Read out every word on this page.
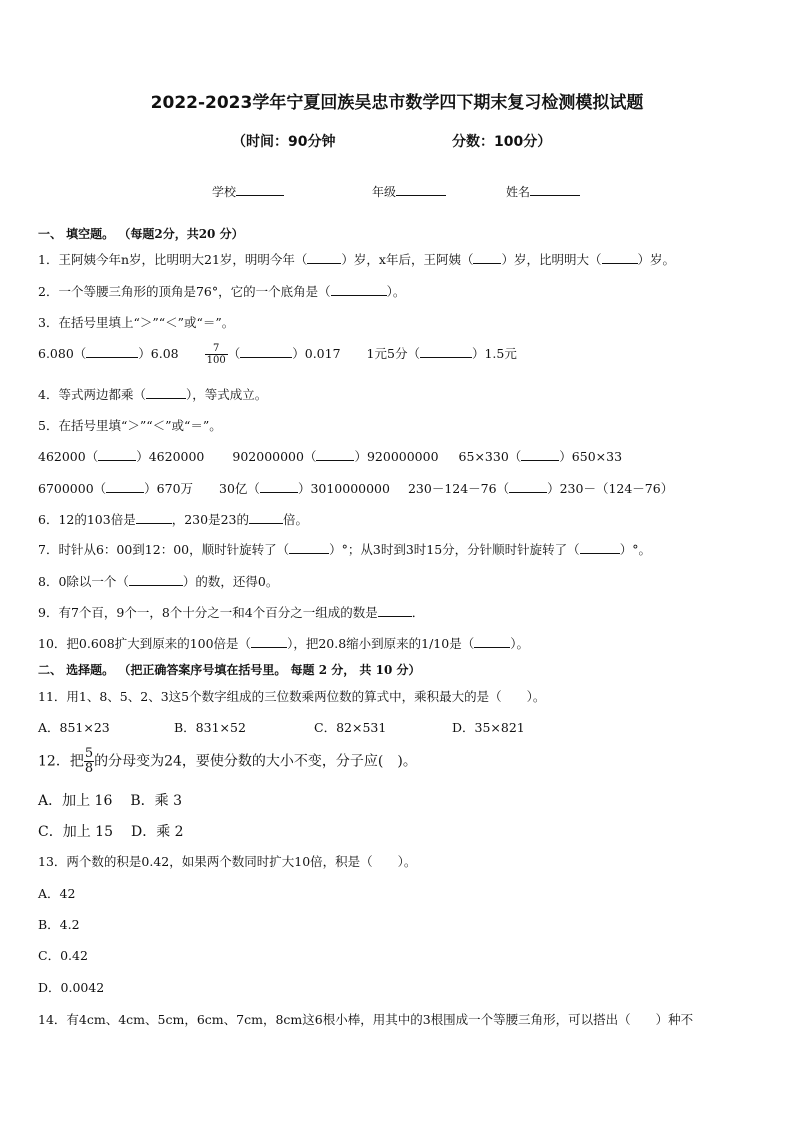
2022-2023学年宁夏回族吴忠市数学四下期末复习检测模拟试题
（时间：90分钟	分数：100分）
学校	年级	姓名
一、 填空题。 （每题2分，共20 分）
1．王阿姨今年n岁，比明明大21岁，明明今年（	）岁，x年后，王阿姨（ ）岁，比明明大（	）岁。
2．一个等腰三角形的顶角是76°，它的一个底角是（	）。
3．在括号里填上“＞”“＜”或“＝”。
6.080（	）6.08	$\frac{7}{100}$ （	）0.017 1元5分（	）1.5元
4．等式两边都乘（	），等式成立。
5．在括号里填“＞”“＜”或“＝”。
462000（	）4620000 902000000（	）920000000 65×330（	）650×33
6700000（	）670万 30亿（	）3010000000 230－124－76（	）230－（124－76）
6．12的103倍是	，230是23的	倍。
7．时针从6：00到12：00，顺时针旋转了（	）°；从3时到3时15分，分针顺时针旋转了（	）°。
8．0除以一个（	）的数，还得0。
9．有7个百，9个一，8个十分之一和4个百分之一组成的数是	．
10．把0.608扩大到原来的100倍是（	），把20.8缩小到原来的1/10是（	）。
二、 选择题。 （把正确答案序号填在括号里。 每题 2 分， 共 10 分）
11．用1、8、5、2、3这5个数字组成的三位数乘两位数的算式中，乘积最大的是（　　）。
A．851×23	B．831×52	C．82×531	D．35×821
12．把 $\frac{5}{8}$ 的分母变为24，要使分数的大小不变，分子应(　)。
A．加上 16 B．乘 3
C．加上 15 D．乘 2
13．两个数的积是0.42，如果两个数同时扩大10倍，积是（　　）。
A．42
B．4.2
C．0.42
D．0.0042
14．有4cm、4cm、5cm，6cm、7cm，8cm这6根小棒，用其中的3根围成一个等腰三角形，可以搭出（　　）种不
